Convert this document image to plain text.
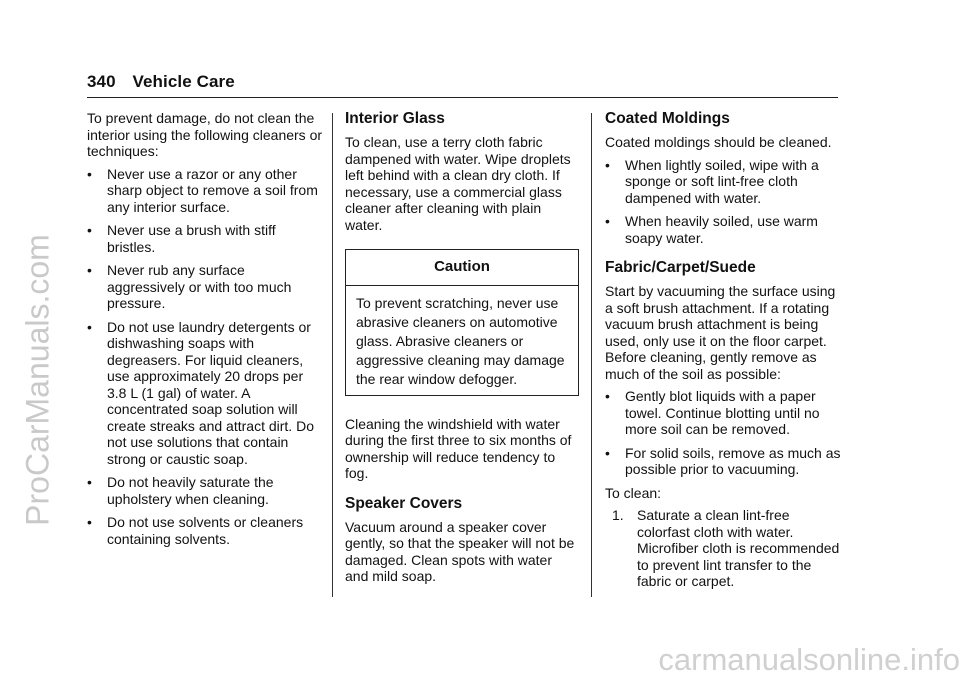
340 Vehicle Care

To prevent damage, do not clean the interior using the following cleaners or techniques:

• Never use a razor or any other sharp object to remove a soil from any interior surface.
• Never use a brush with stiff bristles.
• Never rub any surface aggressively or with too much pressure.
• Do not use laundry detergents or dishwashing soaps with degreasers. For liquid cleaners, use approximately 20 drops per 3.8 L (1 gal) of water. A concentrated soap solution will create streaks and attract dirt. Do not use solutions that contain strong or caustic soap.
• Do not heavily saturate the upholstery when cleaning.
• Do not use solvents or cleaners containing solvents.
Interior Glass

To clean, use a terry cloth fabric dampened with water. Wipe droplets left behind with a clean dry cloth. If necessary, use a commercial glass cleaner after cleaning with plain water.

Caution
To prevent scratching, never use abrasive cleaners on automotive glass. Abrasive cleaners or aggressive cleaning may damage the rear window defogger.

Cleaning the windshield with water during the first three to six months of ownership will reduce tendency to fog.

Speaker Covers

Vacuum around a speaker cover gently, so that the speaker will not be damaged. Clean spots with water and mild soap.

Coated Moldings

Coated moldings should be cleaned.

• When lightly soiled, wipe with a sponge or soft lint-free cloth dampened with water.
• When heavily soiled, use warm soapy water.
Fabric/Carpet/Suede

Start by vacuuming the surface using a soft brush attachment. If a rotating vacuum brush attachment is being used, only use it on the floor carpet. Before cleaning, gently remove as much of the soil as possible:

• Gently blot liquids with a paper towel. Continue blotting until no more soil can be removed.
• For solid soils, remove as much as possible prior to vacuuming.

To clean:

1. Saturate a clean lint-free colorfast cloth with water. Microfiber cloth is recommended to prevent lint transfer to the fabric or carpet.
ProCarManuals.com
carmanualsonline.info
